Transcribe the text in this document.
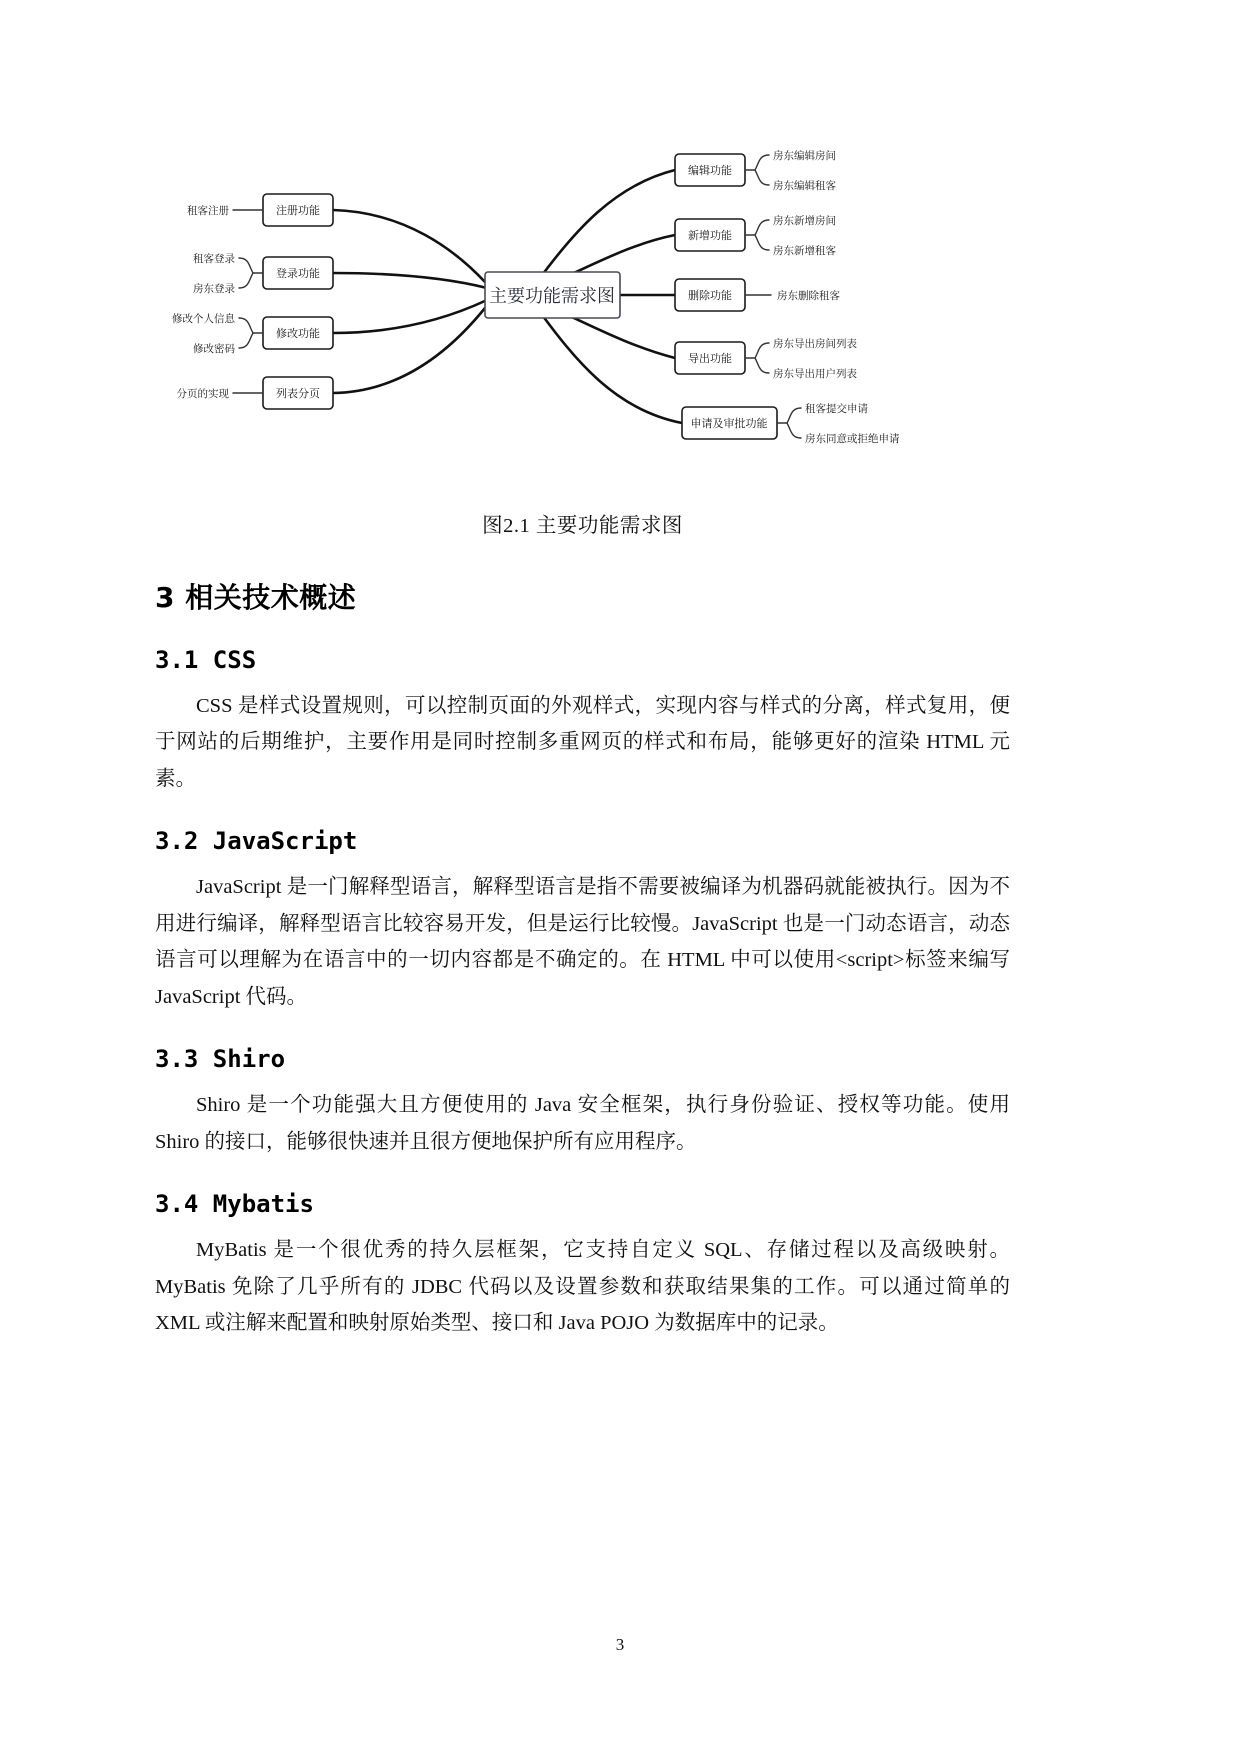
注册功能
租客注册
登录功能
租客登录
房东登录
修改功能
修改个人信息
修改密码
列表分页
分页的实现
主要功能需求图
编辑功能
房东编辑房间
房东编辑租客
新增功能
房东新增房间
房东新增租客
删除功能	房东删除租客
导出功能
房东导出房间列表
房东导出用户列表
申请及审批功能
租客提交申请
房东同意或拒绝申请
图2.1 主要功能需求图
3 相关技术概述
3.1 CSS

CSS 是样式设置规则，可以控制页面的外观样式，实现内容与样式的分离，样式复用，便于网站的后期维护，主要作用是同时控制多重网页的样式和布局，能够更好的渲染 HTML 元素。

3.2 JavaScript

JavaScript 是一门解释型语言，解释型语言是指不需要被编译为机器码就能被执行。因为不用进行编译，解释型语言比较容易开发，但是运行比较慢。JavaScript 也是一门动态语言，动态语言可以理解为在语言中的一切内容都是不确定的。在 HTML 中可以使用<script>标签来编写 JavaScript 代码。

3.3 Shiro

Shiro 是一个功能强大且方便使用的 Java 安全框架，执行身份验证、授权等功能。使用 Shiro 的接口，能够很快速并且很方便地保护所有应用程序。

3.4 Mybatis

MyBatis 是一个很优秀的持久层框架，它支持自定义 SQL、存储过程以及高级映射。MyBatis 免除了几乎所有的 JDBC 代码以及设置参数和获取结果集的工作。可以通过简单的 XML 或注解来配置和映射原始类型、接口和 Java POJO 为数据库中的记录。

3
